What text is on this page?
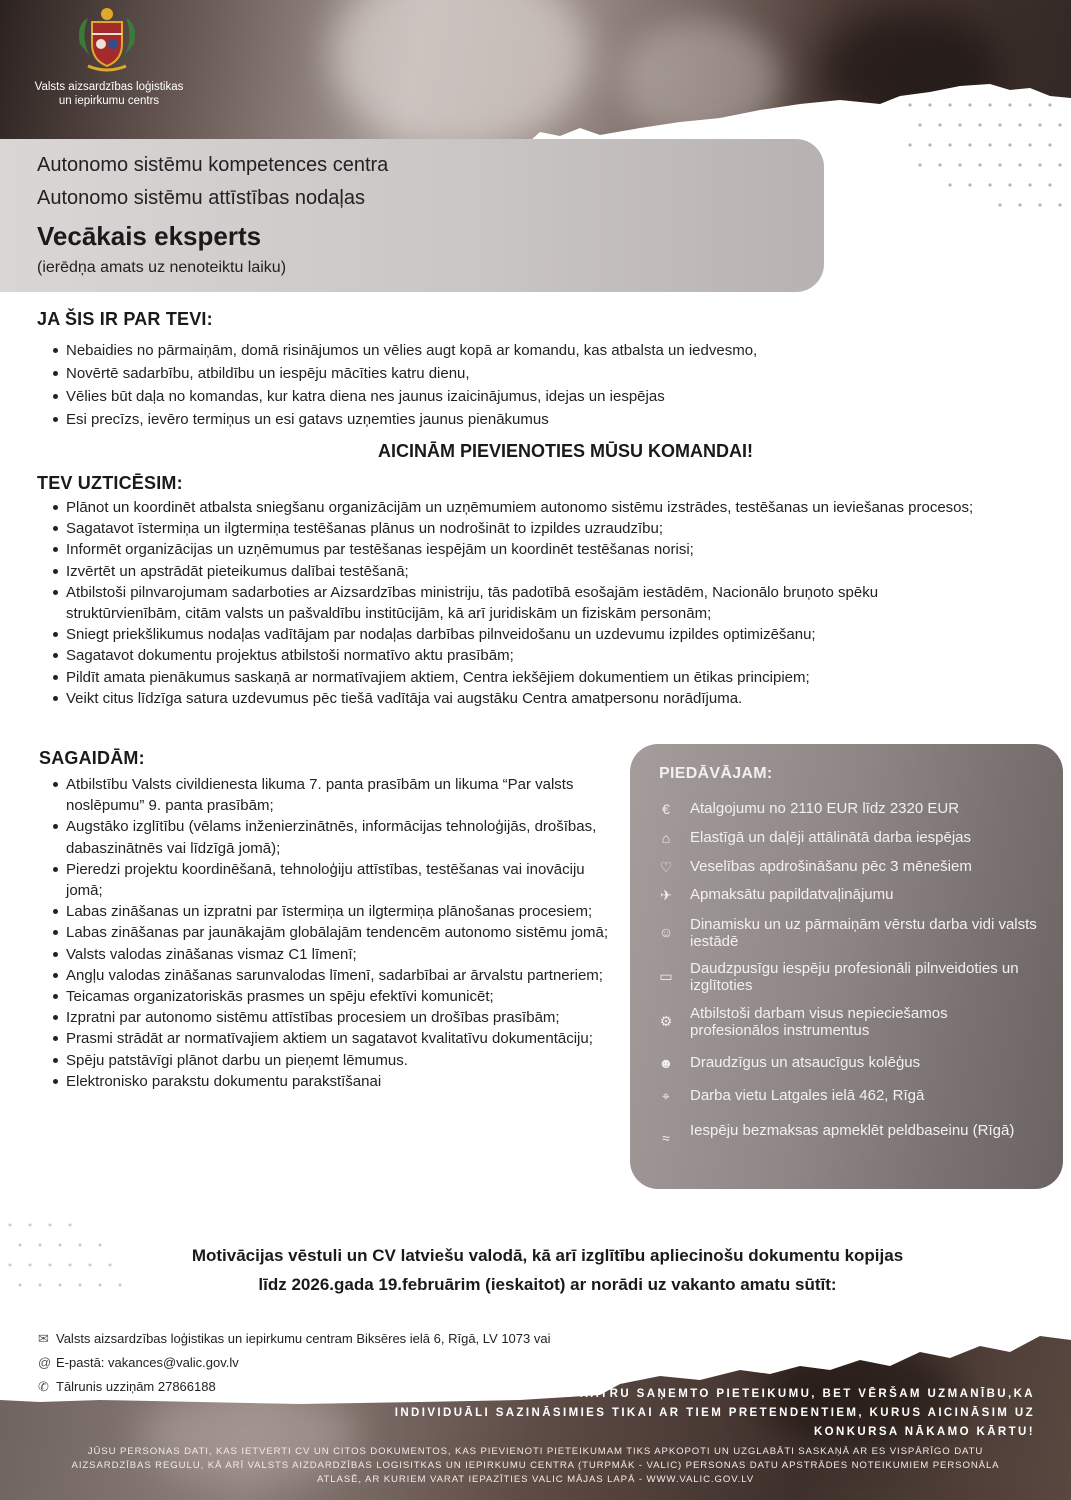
Valsts aizsardzības loģistikas
un iepirkumu centrs
Autonomo sistēmu kompetences centra
Autonomo sistēmu attīstības nodaļas
Vecākais eksperts
(ierēdņa amats uz nenoteiktu laiku)
JA ŠIS IR PAR TEVI:
Nebaidies no pārmaiņām, domā risinājumos un vēlies augt kopā ar komandu, kas atbalsta un iedvesmo,
Novērtē sadarbību, atbildību un iespēju mācīties katru dienu,
Vēlies būt daļa no komandas, kur katra diena nes jaunus izaicinājumus, idejas un iespējas
Esi precīzs, ievēro termiņus un esi gatavs uzņemties jaunus pienākumus
AICINĀM PIEVIENOTIES MŪSU KOMANDAI!
TEV UZTICĒSIM:
Plānot un koordinēt atbalsta sniegšanu organizācijām un uzņēmumiem autonomo sistēmu izstrādes, testēšanas un ieviešanas procesos;
Sagatavot īstermiņa un ilgtermiņa testēšanas plānus un nodrošināt to izpildes uzraudzību;
Informēt organizācijas un uzņēmumus par testēšanas iespējām un koordinēt testēšanas norisi;
Izvērtēt un apstrādāt pieteikumus dalībai testēšanā;
Atbilstoši pilnvarojumam sadarboties ar Aizsardzības ministriju, tās padotībā esošajām iestādēm, Nacionālo bruņoto spēku struktūrvienībām, citām valsts un pašvaldību institūcijām, kā arī juridiskām un fiziskām personām;
Sniegt priekšlikumus nodaļas vadītājam par nodaļas darbības pilnveidošanu un uzdevumu izpildes optimizēšanu;
Sagatavot dokumentu projektus atbilstoši normatīvo aktu prasībām;
Pildīt amata pienākumus saskaņā ar normatīvajiem aktiem, Centra iekšējiem dokumentiem un ētikas principiem;
Veikt citus līdzīga satura uzdevumus pēc tiešā vadītāja vai augstāku Centra amatpersonu norādījuma.
SAGAIDĀM:
Atbilstību Valsts civildienesta likuma 7. panta prasībām un likuma “Par valsts noslēpumu” 9. panta prasībām;
Augstāko izglītību (vēlams inženierzinātnēs, informācijas tehnoloģijās, drošības, dabaszinātnēs vai līdzīgā jomā);
Pieredzi projektu koordinēšanā, tehnoloģiju attīstības, testēšanas vai inovāciju jomā;
Labas zināšanas un izpratni par īstermiņa un ilgtermiņa plānošanas procesiem;
Labas zināšanas par jaunākajām globālajām tendencēm autonomo sistēmu jomā;
Valsts valodas zināšanas vismaz C1 līmenī;
Angļu valodas zināšanas sarunvalodas līmenī, sadarbībai ar ārvalstu partneriem;
Teicamas organizatoriskās prasmes un spēju efektīvi komunicēt;
Izpratni par autonomo sistēmu attīstības procesiem un drošības prasībām;
Prasmi strādāt ar normatīvajiem aktiem un sagatavot kvalitatīvu dokumentāciju;
Spēju patstāvīgi plānot darbu un pieņemt lēmumus.
Elektronisko parakstu dokumentu parakstīšanai
PIEDĀVĀJAM:
€	Atalgojumu no 2110 EUR līdz 2320 EUR
⌂	Elastīgā un daļēji attālinātā darba iespējas
♡ Veselības apdrošināšanu pēc 3 mēnešiem
✈ Apmaksātu papildatvaļinājumu
☺ Dinamisku un uz pārmaiņām vērstu darba vidi valsts iestādē
▭ Daudzpusīgu iespēju profesionāli pilnveidoties un izglītoties
⚙ Atbilstoši darbam visus nepieciešamos profesionālos instrumentus
☻ Draudzīgus un atsaucīgus kolēģus
⌖	Darba vietu Latgales ielā 462, Rīgā
≈	Iespēju bezmaksas apmeklēt peldbaseinu (Rīgā)
Motivācijas vēstuli un CV latviešu valodā, kā arī izglītību apliecinošu dokumentu kopijas
līdz 2026.gada 19.februārim (ieskaitot) ar norādi uz vakanto amatu sūtīt:
✉ Valsts aizsardzības loģistikas un iepirkumu centram Biksēres ielā 6, Rīgā, LV 1073 vai
@ E-pastā: vakances@valic.gov.lv
✆ Tālrunis uzziņām 27866188	PRIECĀJAMIES PAR KATRU SAŅEMTO PIETEIKUMU, BET VĒRŠAM UZMANĪBU,KA
INDIVIDUĀLI SAZINĀSIMIES TIKAI AR TIEM PRETENDENTIEM, KURUS AICINĀSIM UZ
KONKURSA NĀKAMO KĀRTU!
JŪSU PERSONAS DATI, KAS IETVERTI CV UN CITOS DOKUMENTOS, KAS PIEVIENOTI PIETEIKUMAM TIKS APKOPOTI UN UZGLABĀTI SASKAŅĀ AR ES VISPĀRĪGO DATU
AIZSARDZĪBAS REGULU, KĀ ARĪ VALSTS AIZDARDZĪBAS LOGISITKAS UN IEPIRKUMU CENTRA (TURPMĀK - VALIC) PERSONAS DATU APSTRĀDES NOTEIKUMIEM PERSONĀLA
ATLASĒ, AR KURIEM VARAT IEPAZĪTIES VALIC MĀJAS LAPĀ - WWW.VALIC.GOV.LV
